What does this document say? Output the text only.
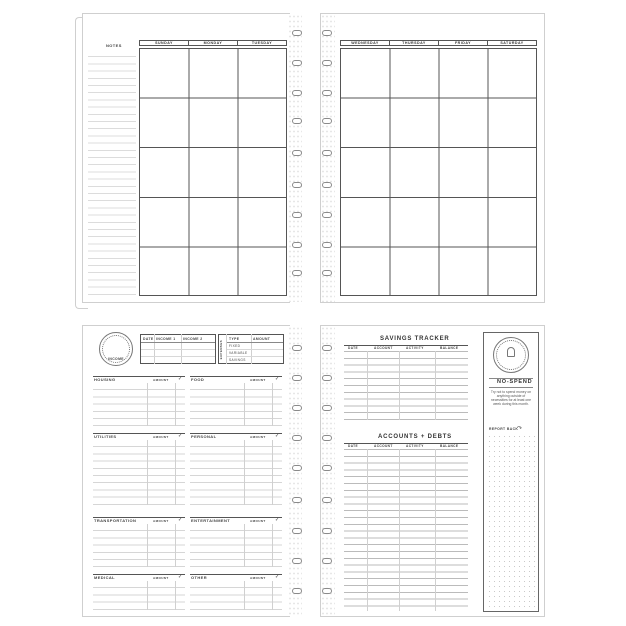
NOTES	SUNDAY	MONDAY	TUESDAY	WEDNESDAY	THURSDAY	FRIDAY	SATURDAY
INCOME
DATE INCOME 1 INCOME 2
EXPENSES
TYPE	AMOUNT
FIXED
VARIABLE
SAVINGS
HOUSING	AMOUNT ✓ FOOD	AMOUNT ✓
UTILITIES	AMOUNT ✓ PERSONAL	AMOUNT ✓
TRANSPORTATION	AMOUNT ✓ ENTERTAINMENT	AMOUNT ✓
MEDICAL	AMOUNT ✓ OTHER	AMOUNT ✓
SAVINGS TRACKER
DATE	ACCOUNT	ACTIVITY	BALANCE
ACCOUNTS + DEBTS
DATE	ACCOUNT	ACTIVITY	BALANCE
NO-SPEND
Try not to spend money on anything outside of necessities for at least one week during this month.
REPORT BACK
↷
